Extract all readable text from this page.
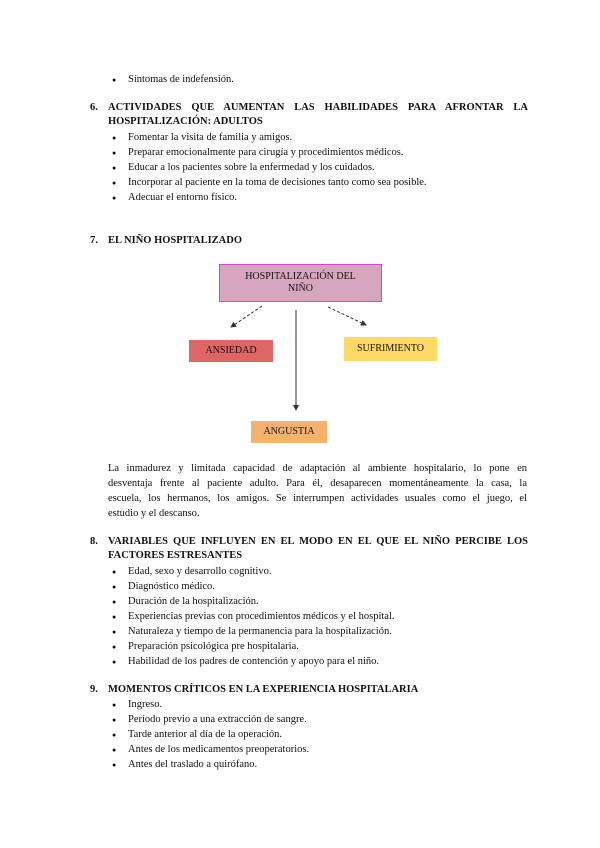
● Síntomas de indefensión.
6. ACTIVIDADES QUE AUMENTAN LAS HABILIDADES PARA AFRONTAR LA
HOSPITALIZACIÓN: ADULTOS
● Fomentar la visita de familia y amigos.
● Preparar emocionalmente para cirugía y procedimientos médicos.
● Educar a los pacientes sobre la enfermedad y los cuidados.
● Incorporar al paciente en la toma de decisiones tanto como sea posible.
● Adecuar el entorno físico.
7. EL NIÑO HOSPITALIZADO
HOSPITALIZACIÓN DEL
NIÑO
ANSIEDAD	SUFRIMIENTO
ANGUSTIA
La inmadurez y limitada capacidad de adaptación al ambiente hospitalario, lo pone en
desventaja frente al paciente adulto. Para él, desaparecen momentáneamente la casa, la
escuela, los hermanos, los amigos. Se interrumpen actividades usuales como el juego, el
estudio y el descanso.
8. VARIABLES QUE INFLUYEN EN EL MODO EN EL QUE EL NIÑO PERCIBE LOS
FACTORES ESTRESANTES
● Edad, sexo y desarrollo cognitivo.
● Diagnóstico médico.
● Duración de la hospitalización.
● Experiencias previas con procedimientos médicos y el hospital.
● Naturaleza y tiempo de la permanencia para la hospitalización.
● Preparación psicológica pre hospitalaria.
● Habilidad de los padres de contención y apoyo para el niño.
9. MOMENTOS CRÍTICOS EN LA EXPERIENCIA HOSPITALARIA
● Ingreso.
● Período previo a una extracción de sangre.
● Tarde anterior al día de la operación.
● Antes de los medicamentos preoperatorios.
● Antes del traslado a quirófano.
